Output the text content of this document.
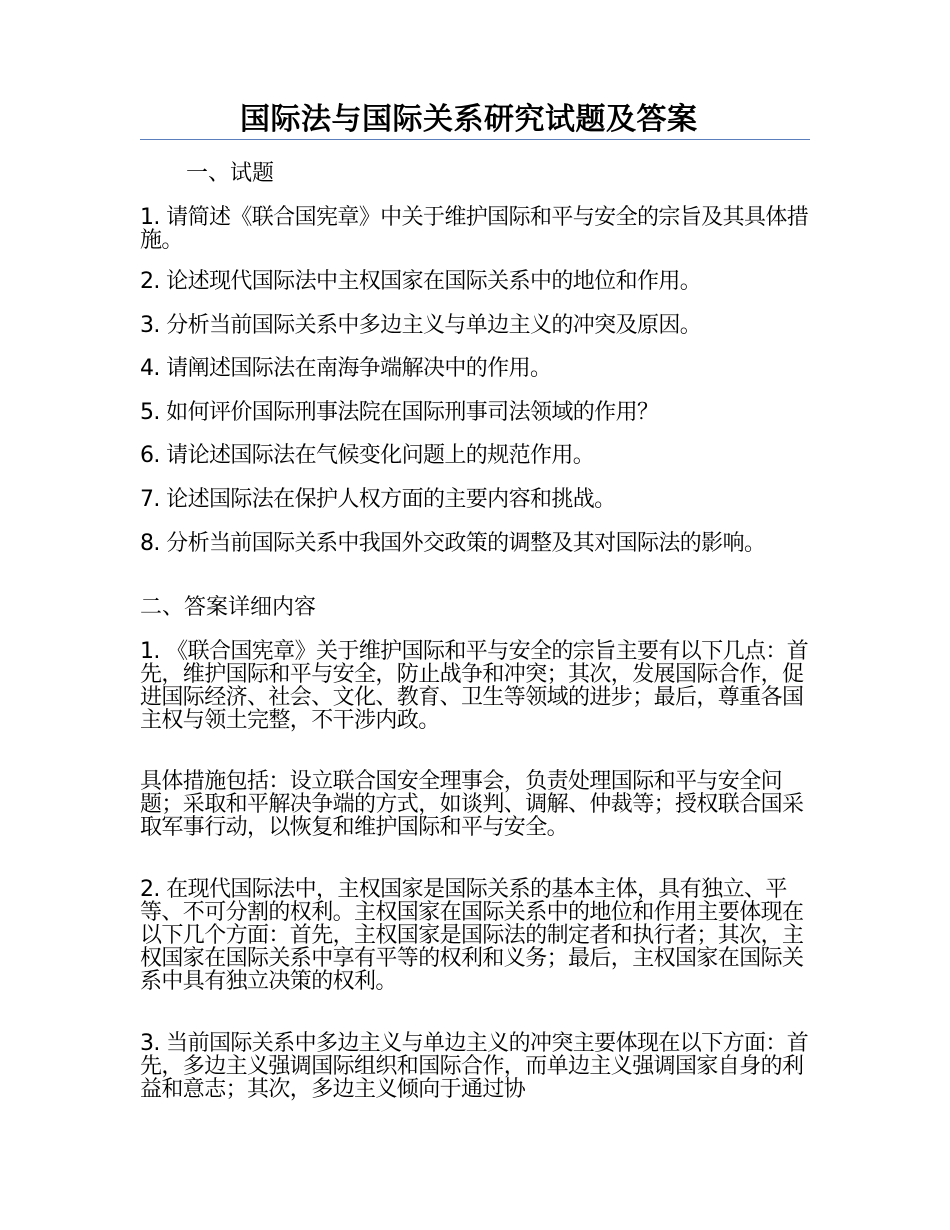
国际法与国际关系研究试题及答案
一、试题

1. 请简述《联合国宪章》中关于维护国际和平与安全的宗旨及其具体措施。

2. 论述现代国际法中主权国家在国际关系中的地位和作用。

3. 分析当前国际关系中多边主义与单边主义的冲突及原因。

4. 请阐述国际法在南海争端解决中的作用。

5. 如何评价国际刑事法院在国际刑事司法领域的作用？

6. 请论述国际法在气候变化问题上的规范作用。

7. 论述国际法在保护人权方面的主要内容和挑战。

8. 分析当前国际关系中我国外交政策的调整及其对国际法的影响。

二、答案详细内容

1. 《联合国宪章》关于维护国际和平与安全的宗旨主要有以下几点：首先，维护国际和平与安全，防止战争和冲突；其次，发展国际合作，促进国际经济、社会、文化、教育、卫生等领域的进步；最后，尊重各国主权与领土完整，不干涉内政。

具体措施包括：设立联合国安全理事会，负责处理国际和平与安全问题；采取和平解决争端的方式，如谈判、调解、仲裁等；授权联合国采取军事行动，以恢复和维护国际和平与安全。

2. 在现代国际法中，主权国家是国际关系的基本主体，具有独立、平等、不可分割的权利。主权国家在国际关系中的地位和作用主要体现在以下几个方面：首先，主权国家是国际法的制定者和执行者；其次，主权国家在国际关系中享有平等的权利和义务；最后，主权国家在国际关系中具有独立决策的权利。

3. 当前国际关系中多边主义与单边主义的冲突主要体现在以下方面：首先，多边主义强调国际组织和国际合作，而单边主义强调国家自身的利益和意志；其次，多边主义倾向于通过协
